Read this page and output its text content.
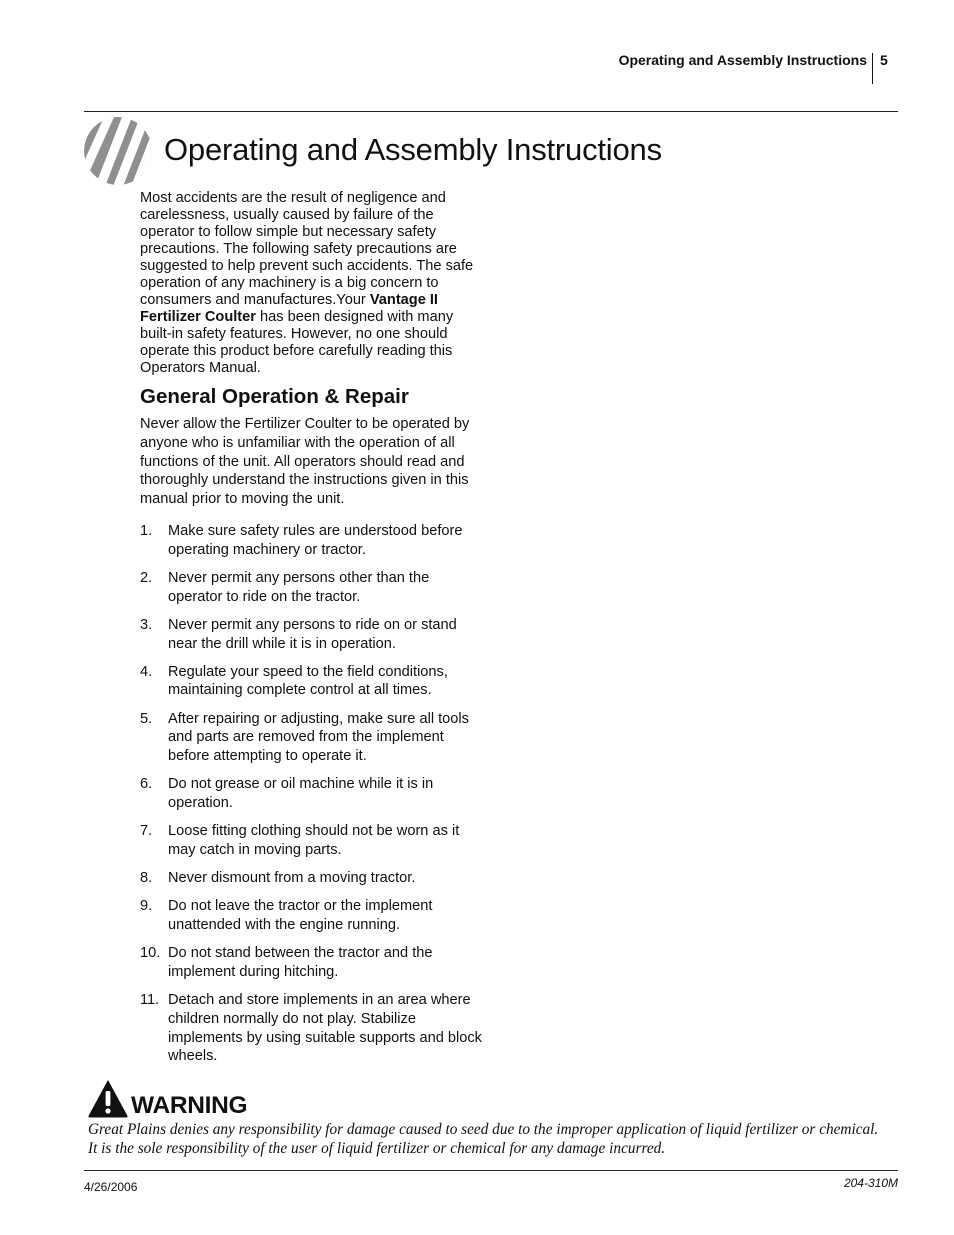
Operating and Assembly Instructions 5
Operating and Assembly Instructions

Most accidents are the result of negligence and carelessness, usually caused by failure of the operator to follow simple but necessary safety precautions. The following safety precautions are suggested to help prevent such accidents. The safe operation of any machinery is a big concern to consumers and manufactures.Your Vantage II Fertilizer Coulter has been designed with many built-in safety features. However, no one should operate this product before carefully reading this Operators Manual.

General Operation & Repair
Never allow the Fertilizer Coulter to be operated by anyone who is unfamiliar with the operation of all functions of the unit. All operators should read and thoroughly understand the instructions given in this manual prior to moving the unit.
1. Make sure safety rules are understood before operating machinery or tractor.
2. Never permit any persons other than the operator to ride on the tractor.
3. Never permit any persons to ride on or stand near the drill while it is in operation.
4. Regulate your speed to the field conditions, maintaining complete control at all times.
5. After repairing or adjusting, make sure all tools and parts are removed from the implement before attempting to operate it.
6. Do not grease or oil machine while it is in operation.
7. Loose fitting clothing should not be worn as it may catch in moving parts.
8. Never dismount from a moving tractor.
9. Do not leave the tractor or the implement unattended with the engine running.
10. Do not stand between the tractor and the implement during hitching.
11. Detach and store implements in an area where children normally do not play. Stabilize implements by using suitable supports and block wheels.
WARNING

Great Plains denies any responsibility for damage caused to seed due to the improper application of liquid fertilizer or chemical.

It is the sole responsibility of the user of liquid fertilizer or chemical for any damage incurred.

4/26/2006	204-310M
